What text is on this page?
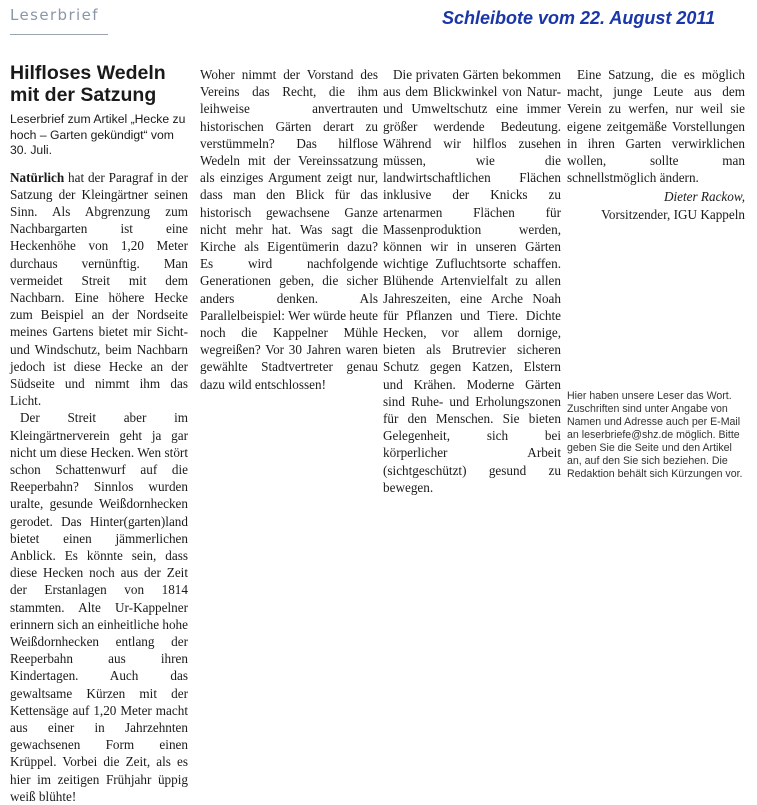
Leserbrief	Schleibote vom 22. August 2011
Hilfloses Wedeln mit der Satzung
Leserbrief zum Artikel „Hecke zu hoch – Garten gekündigt“ vom 30. Juli.

Natürlich hat der Paragraf in der Satzung der Kleingärtner seinen Sinn. Als Abgrenzung zum Nachbargarten ist eine Heckenhöhe von 1,20 Meter durchaus vernünftig. Man vermeidet Streit mit dem Nachbarn. Eine höhere Hecke zum Beispiel an der Nordseite meines Gartens bietet mir Sicht- und Windschutz, beim Nachbarn jedoch ist diese Hecke an der Südseite und nimmt ihm das Licht.

Der Streit aber im Kleingärtnerverein geht ja gar nicht um diese Hecken. Wen stört schon Schattenwurf auf die Reeperbahn? Sinnlos wurden uralte, gesunde Weißdornhecken gerodet. Das Hinter(garten)land bietet einen jämmerlichen Anblick. Es könnte sein, dass diese Hecken noch aus der Zeit der Erstanlagen von 1814 stammten. Alte Ur-Kappelner erinnern sich an einheitliche hohe Weißdornhecken entlang der Reeperbahn aus ihren Kindertagen. Auch das gewaltsame Kürzen mit der Kettensäge auf 1,20 Meter macht aus einer in Jahrzehnten gewachsenen Form einen Krüppel. Vorbei die Zeit, als es hier im zeitigen Frühjahr üppig weiß blühte!

Woher nimmt der Vorstand des Vereins das Recht, die ihm leihweise anvertrauten historischen Gärten derart zu verstümmeln? Das hilflose Wedeln mit der Vereinssatzung als einziges Argument zeigt nur, dass man den Blick für das historisch gewachsene Ganze nicht mehr hat. Was sagt die Kirche als Eigentümerin dazu? Es wird nachfolgende Generationen geben, die sicher anders denken. Als Parallelbeispiel: Wer würde heute noch die Kappelner Mühle wegreißen? Vor 30 Jahren waren gewählte Stadtvertreter genau dazu wild entschlossen!

Die privaten Gärten bekommen aus dem Blickwinkel von Natur- und Umweltschutz eine immer größer werdende Bedeutung. Während wir hilflos zusehen müssen, wie die landwirtschaftlichen Flächen inklusive der Knicks zu artenarmen Flächen für Massenproduktion werden, können wir in unseren Gärten wichtige Zufluchtsorte schaffen. Blühende Artenvielfalt zu allen Jahreszeiten, eine Arche Noah für Pflanzen und Tiere. Dichte Hecken, vor allem dornige, bieten als Brutrevier sicheren Schutz gegen Katzen, Elstern und Krähen. Moderne Gärten sind Ruhe- und Erholungszonen für den Menschen. Sie bieten Gelegenheit, sich bei körperlicher Arbeit (sichtgeschützt) gesund zu bewegen.

Eine Satzung, die es möglich macht, junge Leute aus dem Verein zu werfen, nur weil sie eigene zeitgemäße Vorstellungen in ihren Garten verwirklichen wollen, sollte man schnellstmöglich ändern.

Dieter Rackow,
Vorsitzender, IGU Kappeln
Hier haben unsere Leser das Wort. Zuschriften sind unter Angabe von Namen und Adresse auch per E-Mail an leserbriefe@shz.de möglich. Bitte geben Sie die Seite und den Artikel an, auf den Sie sich beziehen. Die Redaktion behält sich Kürzungen vor.
